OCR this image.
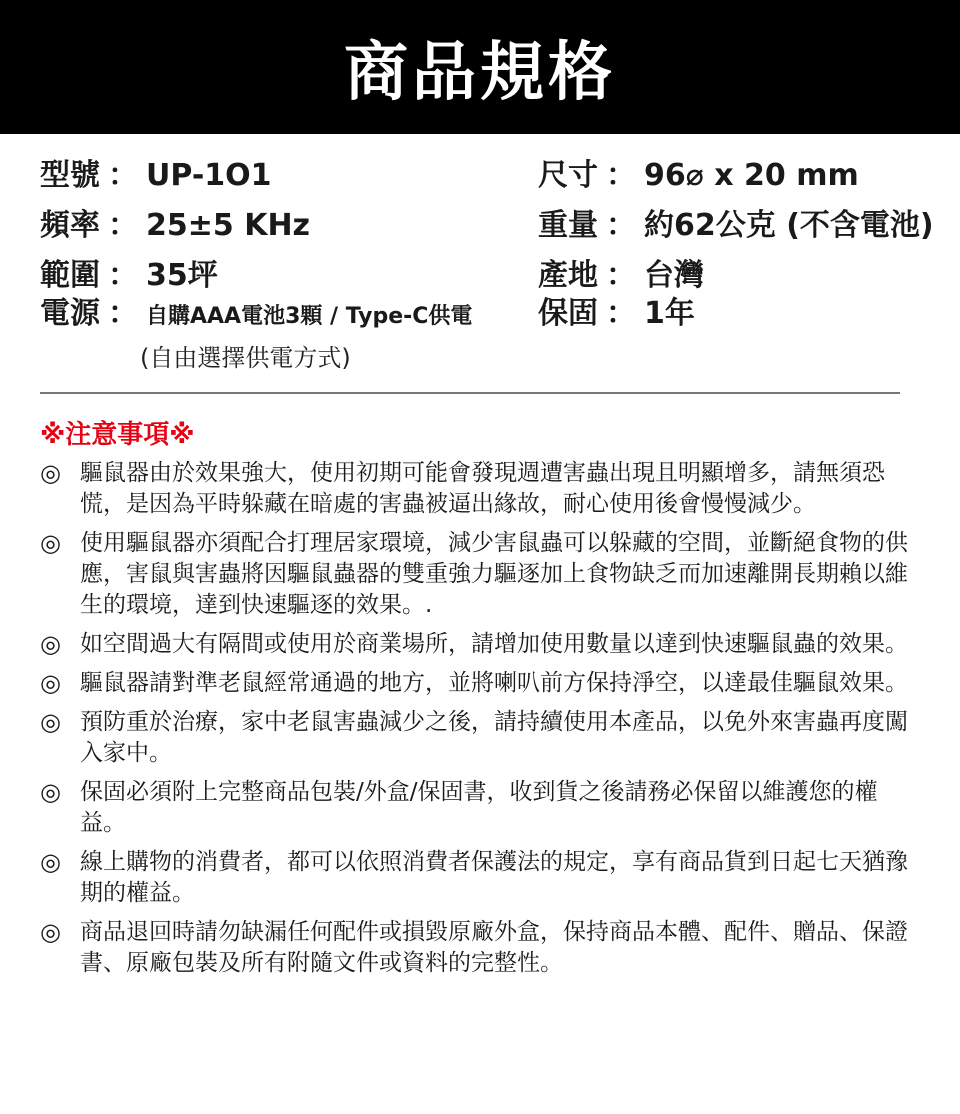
商品規格
型號 ： UP-1O1
頻率 ： 25±5 KHz
範圍 ： 35坪
電源 ： 自購AAA電池3顆 / Type-C供電
(自由選擇供電方式)
尺寸 ： 96⌀ x 20 mm
重量 ： 約62公克 (不含電池)
產地 ： 台灣
保固 ： 1年
※注意事項※
◎ 驅鼠器由於效果強大，使用初期可能會發現週遭害蟲出現且明顯增多，請無須恐慌，是因為平時躲藏在暗處的害蟲被逼出緣故，耐心使用後會慢慢減少。
◎ 使用驅鼠器亦須配合打理居家環境，減少害鼠蟲可以躲藏的空間，並斷絕食物的供應，害鼠與害蟲將因驅鼠蟲器的雙重強力驅逐加上食物缺乏而加速離開長期賴以維生的環境，達到快速驅逐的效果。.
◎ 如空間過大有隔間或使用於商業場所，請增加使用數量以達到快速驅鼠蟲的效果。
◎ 驅鼠器請對準老鼠經常通過的地方，並將喇叭前方保持淨空，以達最佳驅鼠效果。
◎ 預防重於治療，家中老鼠害蟲減少之後，請持續使用本產品，以免外來害蟲再度闖入家中。
◎ 保固必須附上完整商品包裝/外盒/保固書，收到貨之後請務必保留以維護您的權益。
◎ 線上購物的消費者，都可以依照消費者保護法的規定，享有商品貨到日起七天猶豫期的權益。
◎ 商品退回時請勿缺漏任何配件或損毀原廠外盒，保持商品本體、配件、贈品、保證書、原廠包裝及所有附隨文件或資料的完整性。
